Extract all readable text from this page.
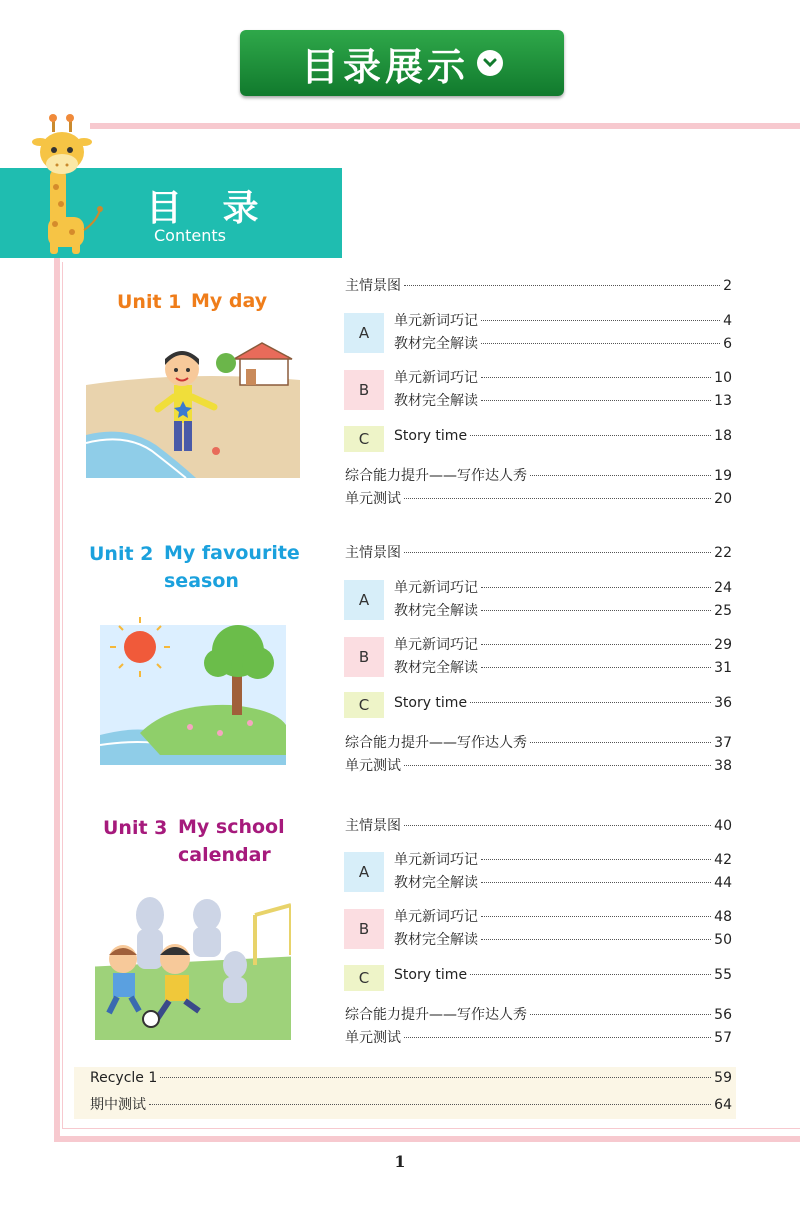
目录展示
目 录
Contents
Unit 1 My day
Unit 2 My favourite
season
Unit 3 My school
calendar
A
B
C
A
B
C
A
B
C
主情景图	2
单元新词巧记	4
教材完全解读	6
单元新词巧记	10
教材完全解读	13
Story time	18
综合能力提升——写作达人秀	19
单元测试	20
主情景图	22
单元新词巧记	24
教材完全解读	25
单元新词巧记	29
教材完全解读	31
Story time	36
综合能力提升——写作达人秀	37
单元测试	38
主情景图	40
单元新词巧记	42
教材完全解读	44
单元新词巧记	48
教材完全解读	50
Story time	55
综合能力提升——写作达人秀	56
单元测试	57
Recycle 1	59
期中测试	64
1
